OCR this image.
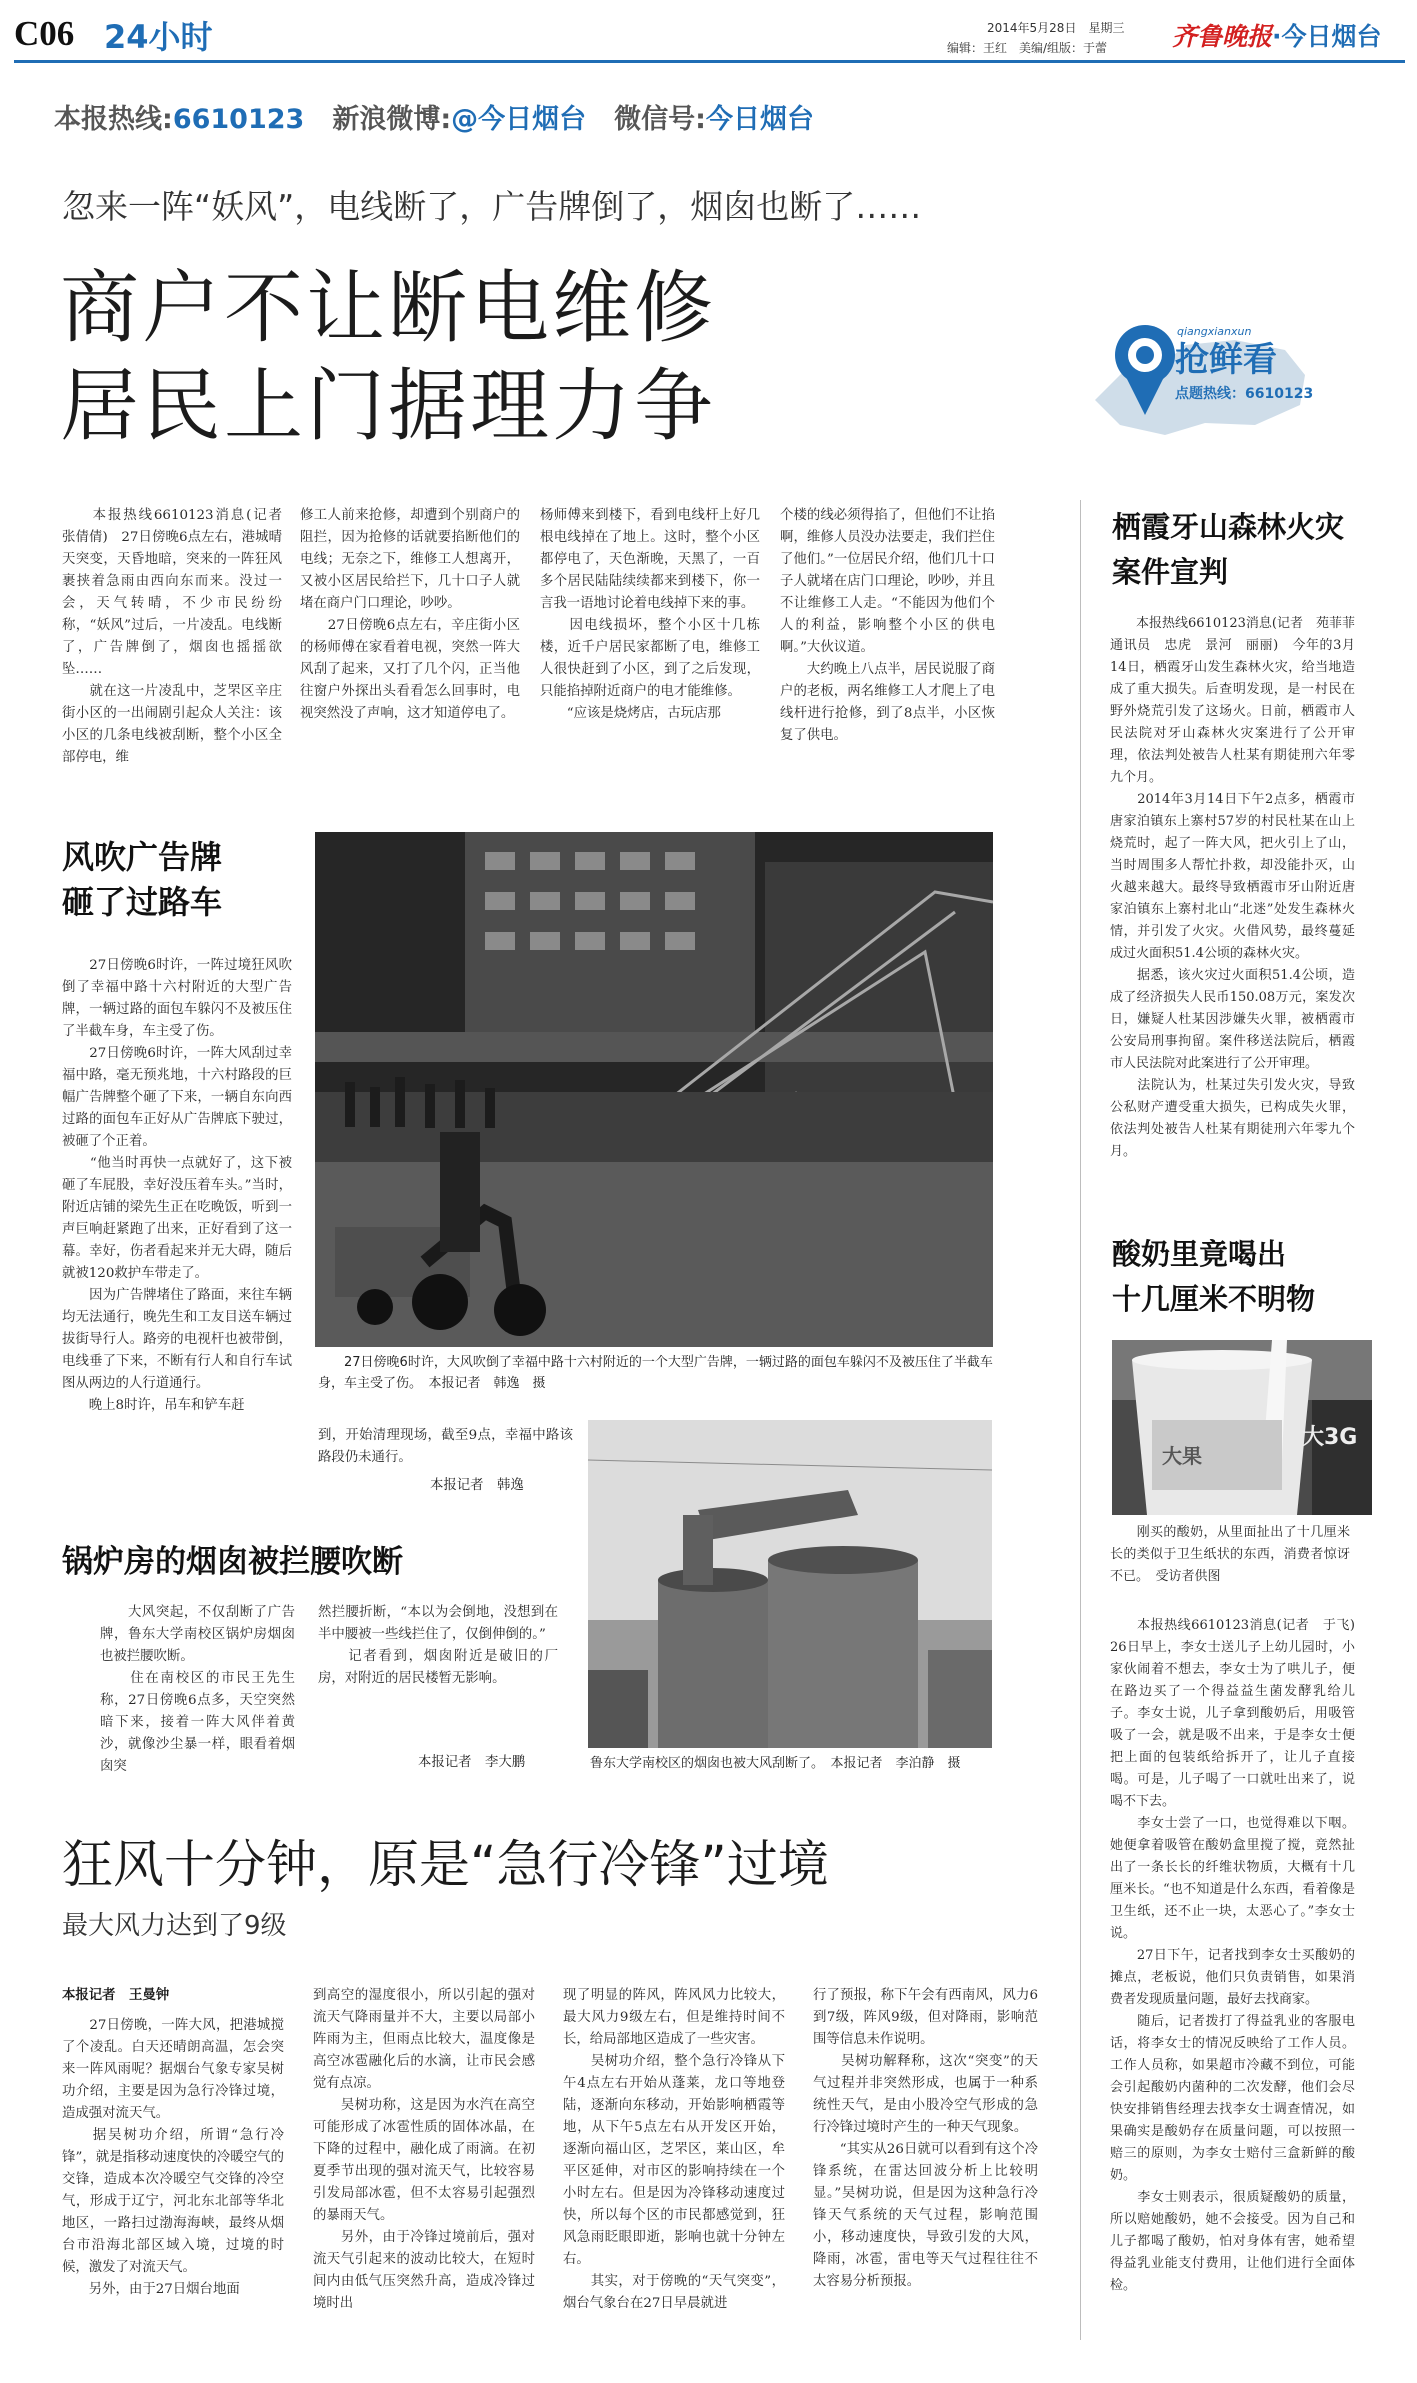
C06 24小时	2014年5月28日　星期三
编辑：王红　美编/组版：于蕾	齐鲁晚报·今日烟台
本报热线:6610123 新浪微博:@今日烟台 微信号:今日烟台
忽来一阵“妖风”，电线断了，广告牌倒了，烟囱也断了……
商户不让断电维修
居民上门据理力争
qiangxianxun
抢鲜看
点题热线：6610123
　　本报热线6610123消息(记者　张倩倩)　27日傍晚6点左右，港城晴天突变，天昏地暗，突来的一阵狂风裹挟着急雨由西向东而来。没过一会，天气转晴，不少市民纷纷称，“妖风”过后，一片凌乱。电线断了，广告牌倒了，烟囱也摇摇欲坠……
　　就在这一片凌乱中，芝罘区辛庄街小区的一出闹剧引起众人关注：该小区的几条电线被刮断，整个小区全部停电，维
修工人前来抢修，却遭到个别商户的阻拦，因为抢修的话就要掐断他们的电线；无奈之下，维修工人想离开，又被小区居民给拦下，几十口子人就堵在商户门口理论，吵吵。
　　27日傍晚6点左右，辛庄街小区的杨师傅在家看着电视，突然一阵大风刮了起来，又打了几个闪，正当他往窗户外探出头看看怎么回事时，电视突然没了声响，这才知道停电了。
杨师傅来到楼下，看到电线杆上好几根电线掉在了地上。这时，整个小区都停电了，天色渐晚，天黑了，一百多个居民陆陆续续都来到楼下，你一言我一语地讨论着电线掉下来的事。
　　因电线损坏，整个小区十几栋楼，近千户居民家都断了电，维修工人很快赶到了小区，到了之后发现，只能掐掉附近商户的电才能维修。
　　“应该是烧烤店，古玩店那
个楼的线必须得掐了，但他们不让掐啊，维修人员没办法要走，我们拦住了他们。”一位居民介绍，他们几十口子人就堵在店门口理论，吵吵，并且不让维修工人走。“不能因为他们个人的利益，影响整个小区的供电啊。”大伙议道。
　　大约晚上八点半，居民说服了商户的老板，两名维修工人才爬上了电线杆进行抢修，到了8点半，小区恢复了供电。
风吹广告牌
砸了过路车
　　27日傍晚6时许，一阵过境狂风吹倒了幸福中路十六村附近的大型广告牌，一辆过路的面包车躲闪不及被压住了半截车身，车主受了伤。
　　27日傍晚6时许，一阵大风刮过幸福中路，毫无预兆地，十六村路段的巨幅广告牌整个砸了下来，一辆自东向西过路的面包车正好从广告牌底下驶过，被砸了个正着。
　　“他当时再快一点就好了，这下被砸了车屁股，幸好没压着车头。”当时，附近店铺的梁先生正在吃晚饭，听到一声巨响赶紧跑了出来，正好看到了这一幕。幸好，伤者看起来并无大碍，随后就被120救护车带走了。
　　因为广告牌堵住了路面，来往车辆均无法通行，晚先生和工友目送车辆过拔街导行人。路旁的电视杆也被带倒，电线垂了下来，不断有行人和自行车试图从两边的人行道通行。
　　晚上8时许，吊车和铲车赶
　　27日傍晚6时许，大风吹倒了幸福中路十六村附近的一个大型广告牌，一辆过路的面包车躲闪不及被压住了半截车身，车主受了伤。　本报记者　韩逸　摄
到，开始清理现场，截至9点，幸福中路该路段仍未通行。
本报记者　韩逸
锅炉房的烟囱被拦腰吹断
　　大风突起，不仅刮断了广告牌，鲁东大学南校区锅炉房烟囱也被拦腰吹断。
　　住在南校区的市民王先生称，27日傍晚6点多，天空突然暗下来，接着一阵大风伴着黄沙，就像沙尘暴一样，眼看着烟囱突
然拦腰折断，“本以为会倒地，没想到在半中腰被一些线拦住了，仅倒伸倒的。”
　　记者看到，烟囱附近是破旧的厂房，对附近的居民楼暂无影响。
本报记者　李大鹏	鲁东大学南校区的烟囱也被大风刮断了。　本报记者　李泊静　摄
狂风十分钟，原是“急行冷锋”过境
最大风力达到了9级
本报记者　王曼钟
　　27日傍晚，一阵大风，把港城搅了个凌乱。白天还晴朗高温，怎会突来一阵风雨呢？据烟台气象专家吴树功介绍，主要是因为急行冷锋过境，造成强对流天气。
　　据吴树功介绍，所谓“急行冷锋”，就是指移动速度快的冷暖空气的交锋，造成本次冷暖空气交锋的冷空气，形成于辽宁，河北东北部等华北地区，一路扫过渤海海峡，最终从烟台市沿海北部区域入境，过境的时候，激发了对流天气。
　　另外，由于27日烟台地面
到高空的湿度很小，所以引起的强对流天气降雨量并不大，主要以局部小阵雨为主，但雨点比较大，温度像是高空冰雹融化后的水滴，让市民会感觉有点凉。
　　吴树功称，这是因为水汽在高空可能形成了冰雹性质的固体冰晶，在下降的过程中，融化成了雨滴。在初夏季节出现的强对流天气，比较容易引发局部冰雹，但不太容易引起强烈的暴雨天气。
　　另外，由于冷锋过境前后，强对流天气引起来的波动比较大，在短时间内由低气压突然升高，造成冷锋过境时出
现了明显的阵风，阵风风力比较大，最大风力9级左右，但是维持时间不长，给局部地区造成了一些灾害。
　　吴树功介绍，整个急行冷锋从下午4点左右开始从蓬莱，龙口等地登陆，逐渐向东移动，开始影响栖霞等地，从下午5点左右从开发区开始，逐渐向福山区，芝罘区，莱山区，牟平区延伸，对市区的影响持续在一个小时左右。但是因为冷锋移动速度过快，所以每个区的市民都感觉到，狂风急雨眨眼即逝，影响也就十分钟左右。
　　其实，对于傍晚的“天气突变”，烟台气象台在27日早晨就进
行了预报，称下午会有西南风，风力6到7级，阵风9级，但对降雨，影响范围等信息未作说明。
　　吴树功解释称，这次“突变”的天气过程并非突然形成，也属于一种系统性天气，是由小股冷空气形成的急行冷锋过境时产生的一种天气现象。
　　“其实从26日就可以看到有这个冷锋系统，在雷达回波分析上比较明显。”吴树功说，但是因为这种急行冷锋天气系统的天气过程，影响范围小，移动速度快，导致引发的大风，降雨，冰雹，雷电等天气过程往往不太容易分析预报。
栖霞牙山森林火灾
案件宣判
　　本报热线6610123消息(记者　苑菲菲　通讯员　忠虎　景河　丽丽)　今年的3月14日，栖霞牙山发生森林火灾，给当地造成了重大损失。后查明发现，是一村民在野外烧荒引发了这场火。日前，栖霞市人民法院对牙山森林火灾案进行了公开审理，依法判处被告人杜某有期徒刑六年零九个月。
　　2014年3月14日下午2点多，栖霞市唐家泊镇东上寨村57岁的村民杜某在山上烧荒时，起了一阵大风，把火引上了山，当时周围多人帮忙扑救，却没能扑灭，山火越来越大。最终导致栖霞市牙山附近唐家泊镇东上寨村北山“北迷”处发生森林火情，并引发了火灾。火借风势，最终蔓延成过火面积51.4公顷的森林火灾。
　　据悉，该火灾过火面积51.4公顷，造成了经济损失人民币150.08万元，案发次日，嫌疑人杜某因涉嫌失火罪，被栖霞市公安局刑事拘留。案件移送法院后，栖霞市人民法院对此案进行了公开审理。
　　法院认为，杜某过失引发火灾，导致公私财产遭受重大损失，已构成失火罪，依法判处被告人杜某有期徒刑六年零九个月。
酸奶里竟喝出
十几厘米不明物
大果
大3G
　　刚买的酸奶，从里面扯出了十几厘米长的类似于卫生纸状的东西，消费者惊讶不已。　受访者供图
　　本报热线6610123消息(记者　于飞)　26日早上，李女士送儿子上幼儿园时，小家伙闹着不想去，李女士为了哄儿子，便在路边买了一个得益益生菌发酵乳给儿子。李女士说，儿子拿到酸奶后，用吸管吸了一会，就是吸不出来，于是李女士便把上面的包装纸给拆开了，让儿子直接喝。可是，儿子喝了一口就吐出来了，说喝不下去。
　　李女士尝了一口，也觉得难以下咽。她便拿着吸管在酸奶盒里搅了搅，竟然扯出了一条长长的纤维状物质，大概有十几厘米长。“也不知道是什么东西，看着像是卫生纸，还不止一块，太恶心了。”李女士说。
　　27日下午，记者找到李女士买酸奶的摊点，老板说，他们只负责销售，如果消费者发现质量问题，最好去找商家。
　　随后，记者拨打了得益乳业的客服电话，将李女士的情况反映给了工作人员。工作人员称，如果超市冷藏不到位，可能会引起酸奶内菌种的二次发酵，他们会尽快安排销售经理去找李女士调查情况，如果确实是酸奶存在质量问题，可以按照一赔三的原则，为李女士赔付三盒新鲜的酸奶。
　　李女士则表示，很质疑酸奶的质量，所以赔她酸奶，她不会接受。因为自己和儿子都喝了酸奶，怕对身体有害，她希望得益乳业能支付费用，让他们进行全面体检。
